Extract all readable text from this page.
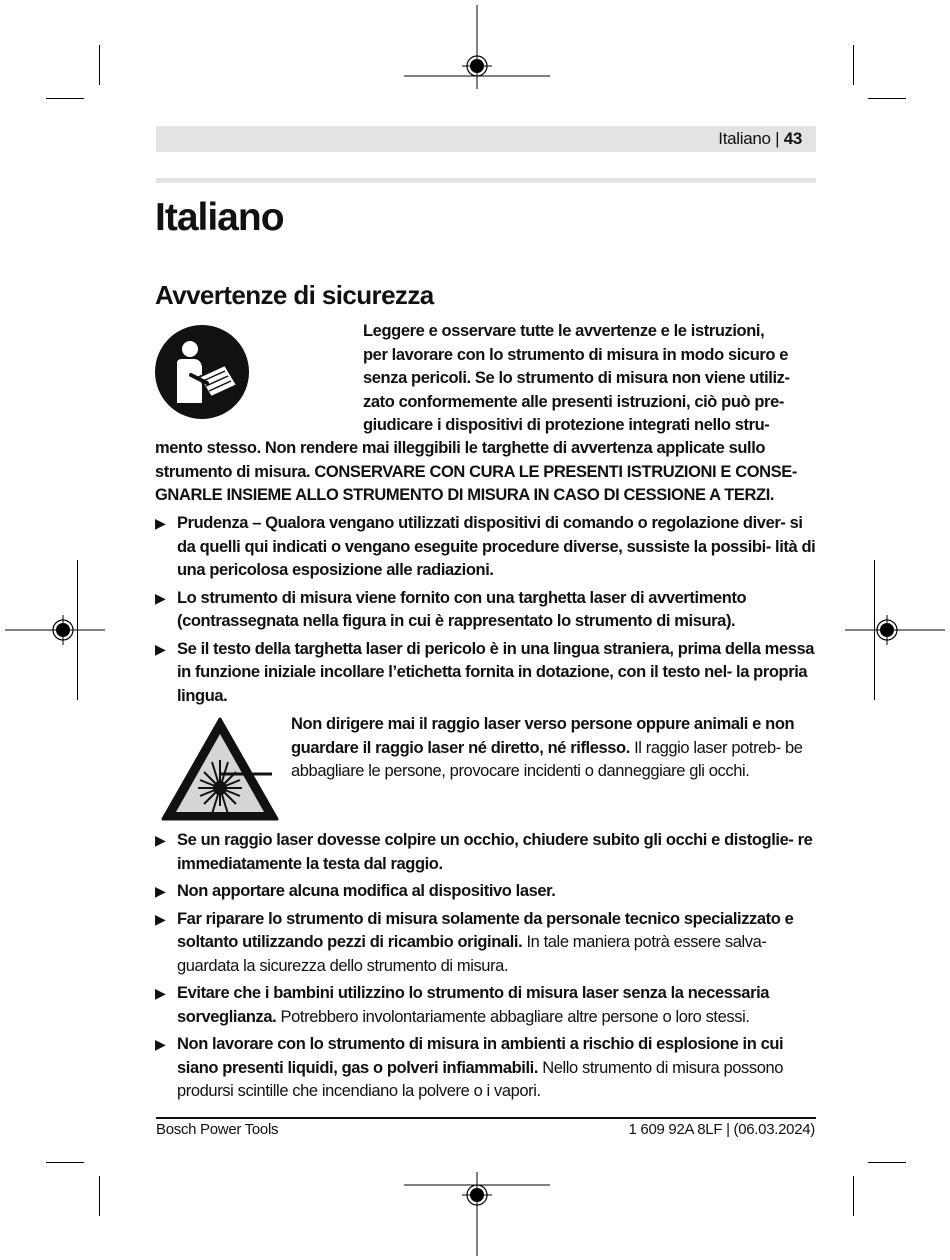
Italiano | 43
Italiano
Avvertenze di sicurezza
Leggere e osservare tutte le avvertenze e le istruzioni,
per lavorare con lo strumento di misura in modo sicuro e
senza pericoli. Se lo strumento di misura non viene utiliz-
zato conformemente alle presenti istruzioni, ciò può pre-
giudicare i dispositivi di protezione integrati nello stru-
mento stesso. Non rendere mai illeggibili le targhette di avvertenza applicate sullo
strumento di misura. CONSERVARE CON CURA LE PRESENTI ISTRUZIONI E CONSE-
GNARLE INSIEME ALLO STRUMENTO DI MISURA IN CASO DI CESSIONE A TERZI.
▶ Prudenza – Qualora vengano utilizzati dispositivi di comando o regolazione diver- si da quelli qui indicati o vengano eseguite procedure diverse, sussiste la possibi- lità di una pericolosa esposizione alle radiazioni.
▶ Lo strumento di misura viene fornito con una targhetta laser di avvertimento (contrassegnata nella figura in cui è rappresentato lo strumento di misura).
▶ Se il testo della targhetta laser di pericolo è in una lingua straniera, prima della messa in funzione iniziale incollare l’etichetta fornita in dotazione, con il testo nel- la propria lingua.
Non dirigere mai il raggio laser verso persone oppure animali e non guardare il raggio laser né diretto, né riflesso. Il raggio laser potreb- be abbagliare le persone, provocare incidenti o danneggiare gli occhi.
▶ Se un raggio laser dovesse colpire un occhio, chiudere subito gli occhi e distoglie- re immediatamente la testa dal raggio.
▶ Non apportare alcuna modifica al dispositivo laser.
▶ Far riparare lo strumento di misura solamente da personale tecnico specializzato e soltanto utilizzando pezzi di ricambio originali. In tale maniera potrà essere salva- guardata la sicurezza dello strumento di misura.
▶ Evitare che i bambini utilizzino lo strumento di misura laser senza la necessaria sorveglianza. Potrebbero involontariamente abbagliare altre persone o loro stessi.
▶ Non lavorare con lo strumento di misura in ambienti a rischio di esplosione in cui siano presenti liquidi, gas o polveri infiammabili. Nello strumento di misura possono prodursi scintille che incendiano la polvere o i vapori.
Bosch Power Tools	1 609 92A 8LF | (06.03.2024)
